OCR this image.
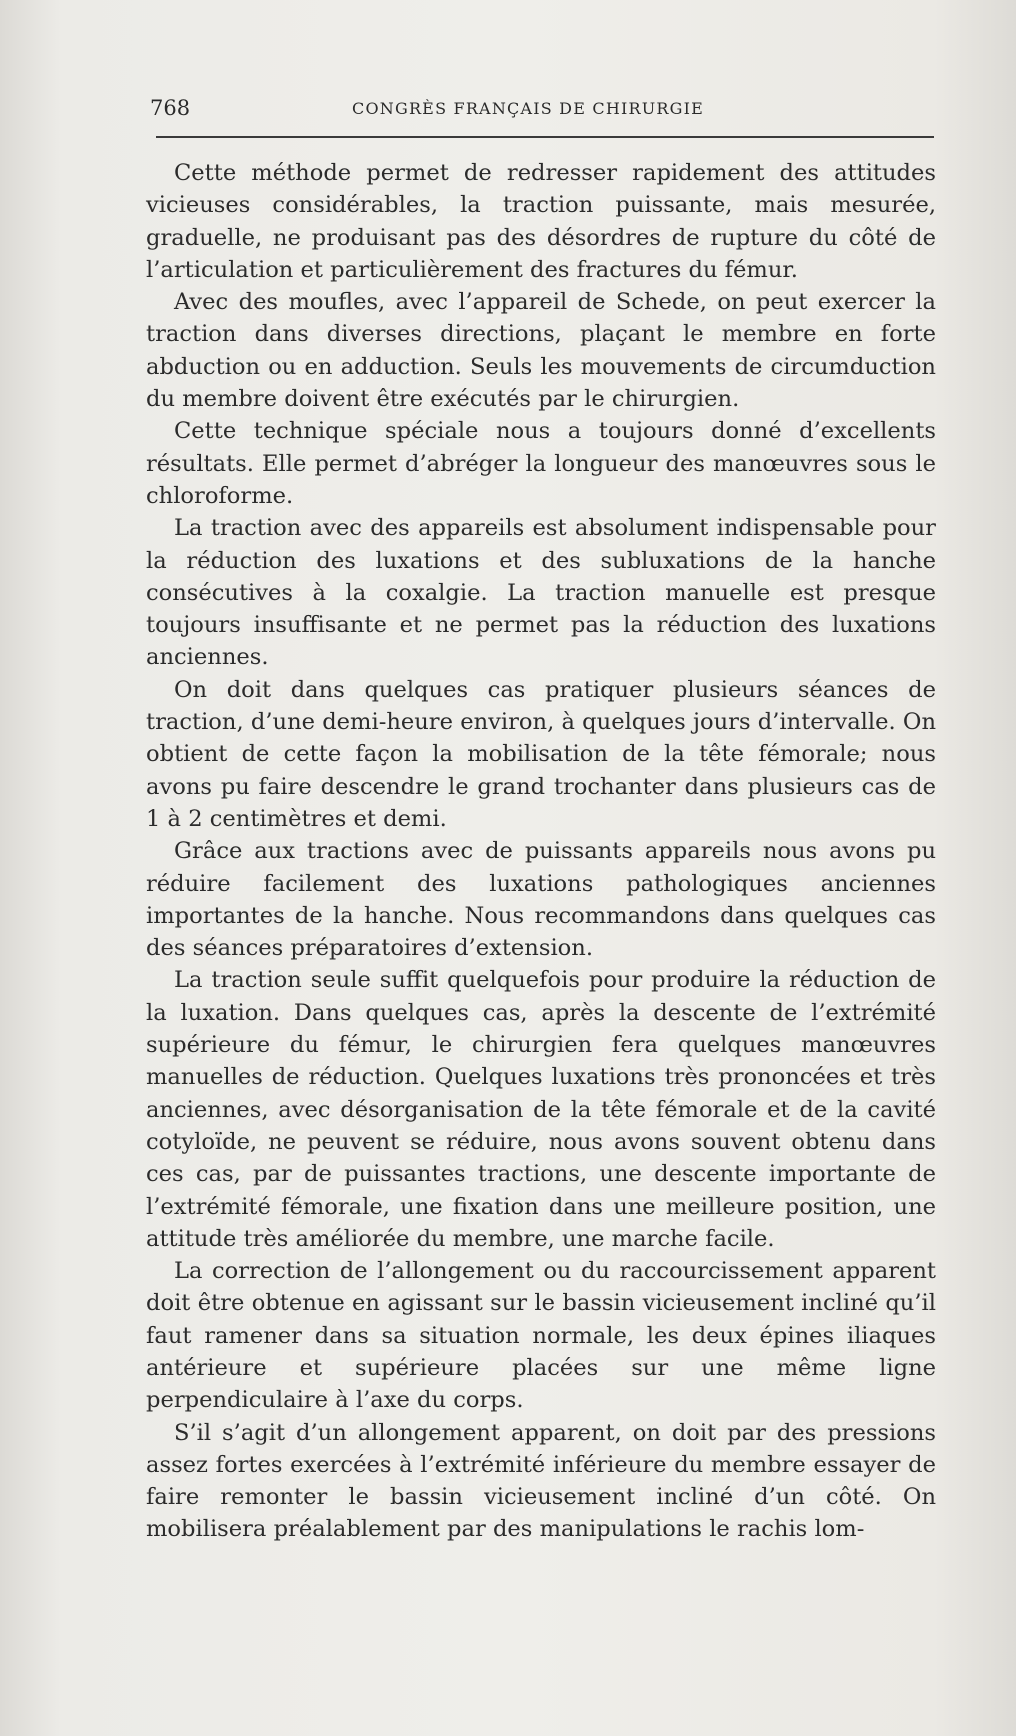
768	CONGRÈS FRANÇAIS DE CHIRURGIE

Cette méthode permet de redresser rapidement des attitudes vicieuses considérables, la traction puissante, mais mesurée, graduelle, ne produisant pas des désordres de rupture du côté de l’articulation et particulièrement des fractures du fémur.

Avec des moufles, avec l’appareil de Schede, on peut exercer la traction dans diverses directions, plaçant le membre en forte abduction ou en adduction. Seuls les mouvements de circumduction du membre doivent être exécutés par le chirurgien.

Cette technique spéciale nous a toujours donné d’excellents résultats. Elle permet d’abréger la longueur des manœuvres sous le chloroforme.

La traction avec des appareils est absolument indispensable pour la réduction des luxations et des subluxations de la hanche consécutives à la coxalgie. La traction manuelle est presque toujours insuffisante et ne permet pas la réduction des luxations anciennes.

On doit dans quelques cas pratiquer plusieurs séances de traction, d’une demi-heure environ, à quelques jours d’intervalle. On obtient de cette façon la mobilisation de la tête fémorale; nous avons pu faire descendre le grand trochanter dans plusieurs cas de 1 à 2 centimètres et demi.

Grâce aux tractions avec de puissants appareils nous avons pu réduire facilement des luxations pathologiques anciennes importantes de la hanche. Nous recommandons dans quelques cas des séances préparatoires d’extension.

La traction seule suffit quelquefois pour produire la réduction de la luxation. Dans quelques cas, après la descente de l’extrémité supérieure du fémur, le chirurgien fera quelques manœuvres manuelles de réduction. Quelques luxations très prononcées et très anciennes, avec désorganisation de la tête fémorale et de la cavité cotyloïde, ne peuvent se réduire, nous avons souvent obtenu dans ces cas, par de puissantes tractions, une descente importante de l’extrémité fémorale, une fixation dans une meilleure position, une attitude très améliorée du membre, une marche facile.

La correction de l’allongement ou du raccourcissement apparent doit être obtenue en agissant sur le bassin vicieusement incliné qu’il faut ramener dans sa situation normale, les deux épines iliaques antérieure et supérieure placées sur une même ligne perpendiculaire à l’axe du corps.

S’il s’agit d’un allongement apparent, on doit par des pressions assez fortes exercées à l’extrémité inférieure du membre essayer de faire remonter le bassin vicieusement incliné d’un côté. On mobilisera préalablement par des manipulations le rachis lom-
